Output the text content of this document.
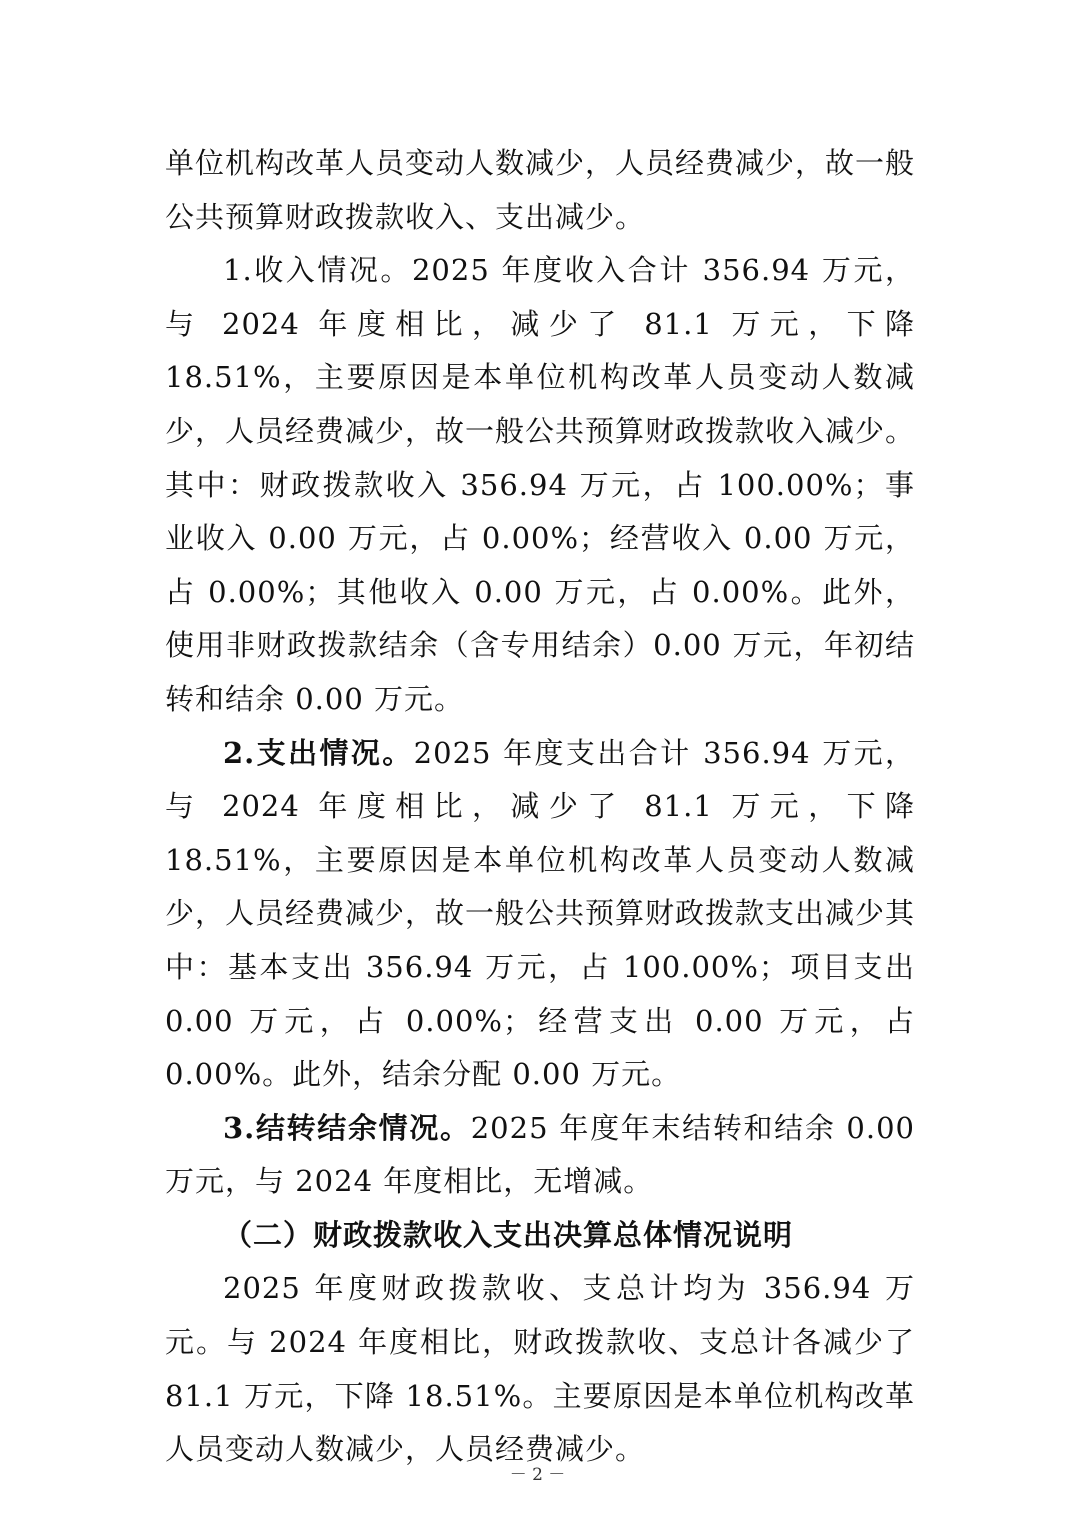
单位机构改革人员变动人数减少，人员经费减少，故一般公共预算财政拨款收入、支出减少。

1.收入情况。2025 年度收入合计 356.94 万元，与 2024 年度相比，减少了 81.1 万元，下降 18.51%，主要原因是本单位机构改革人员变动人数减少，人员经费减少，故一般公共预算财政拨款收入减少。其中：财政拨款收入 356.94 万元，占 100.00%；事业收入 0.00 万元，占 0.00%；经营收入 0.00 万元，占 0.00%；其他收入 0.00 万元，占 0.00%。此外，使用非财政拨款结余（含专用结余）0.00 万元，年初结转和结余 0.00 万元。

2.支出情况。2025 年度支出合计 356.94 万元，与 2024 年度相比，减少了 81.1 万元，下降 18.51%，主要原因是本单位机构改革人员变动人数减少，人员经费减少，故一般公共预算财政拨款支出减少其中：基本支出 356.94 万元，占 100.00%；项目支出 0.00 万元，占 0.00%；经营支出 0.00 万元，占 0.00%。此外，结余分配 0.00 万元。

3.结转结余情况。2025 年度年末结转和结余 0.00 万元，与 2024 年度相比，无增减。

（二）财政拨款收入支出决算总体情况说明

2025 年度财政拨款收、支总计均为 356.94 万元。与 2024 年度相比，财政拨款收、支总计各减少了 81.1 万元，下降 18.51%。主要原因是本单位机构改革人员变动人数减少，人员经费减少。

－ 2 －
